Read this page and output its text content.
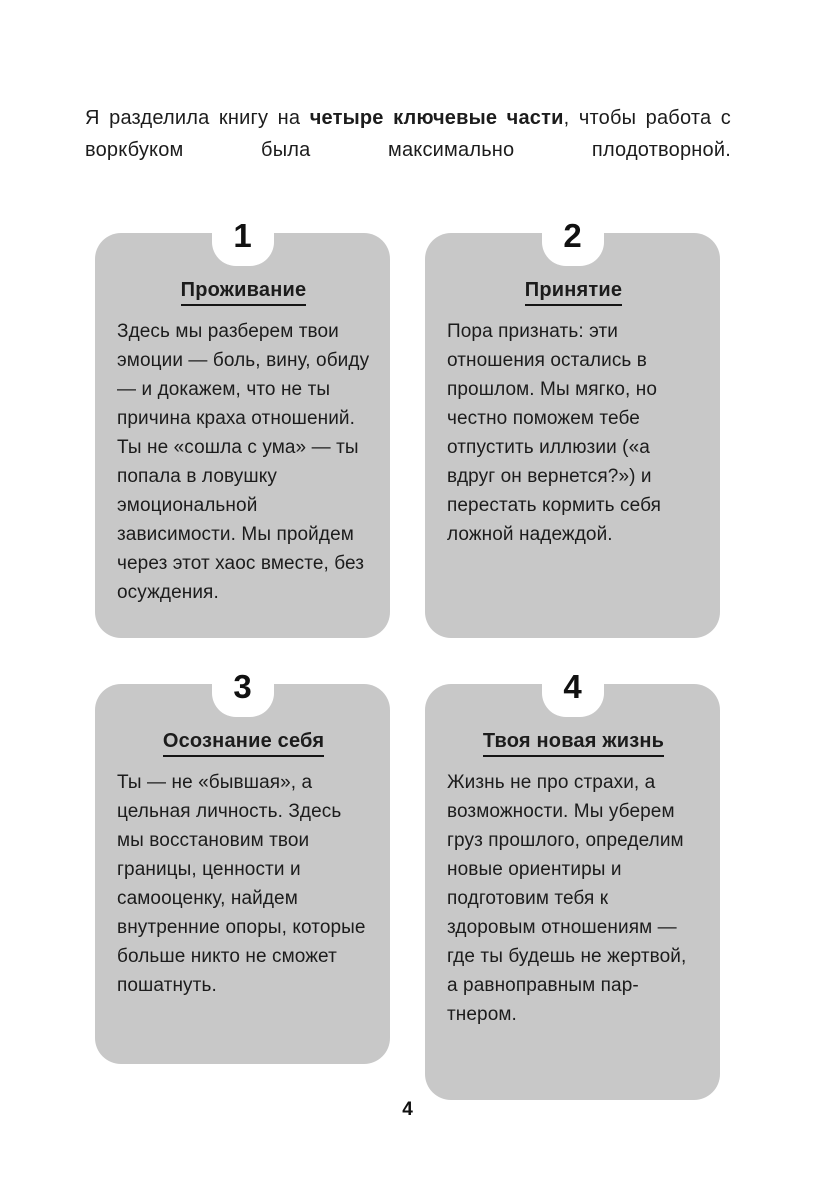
Я разделила книгу на четыре ключевые части, чтобы работа с воркбуком была максимально плодотворной.

1
Проживание
Здесь мы разберем твои эмоции — боль, вину, обиду — и докажем, что не ты причина краха отношений. Ты не «сошла с ума» — ты попала в ловушку эмоциональной зависимости. Мы пройдем через этот хаос вместе, без осуждения.
2
Принятие
Пора признать: эти отношения остались в прошлом. Мы мягко, но честно поможем тебе отпустить иллюзии («а вдруг он вернется?») и перестать кормить себя ложной надеждой.
3
Осознание себя
Ты — не «бывшая», а цельная личность. Здесь мы восстановим твои границы, ценности и самооценку, найдем внутренние опоры, которые больше никто не сможет пошатнуть.
4
Твоя новая жизнь
Жизнь не про страхи, а возможности. Мы уберем груз прошлого, определим новые ориентиры и подготовим тебя к здоровым отношениям — где ты будешь не жертвой, а равноправным партнером.
4
